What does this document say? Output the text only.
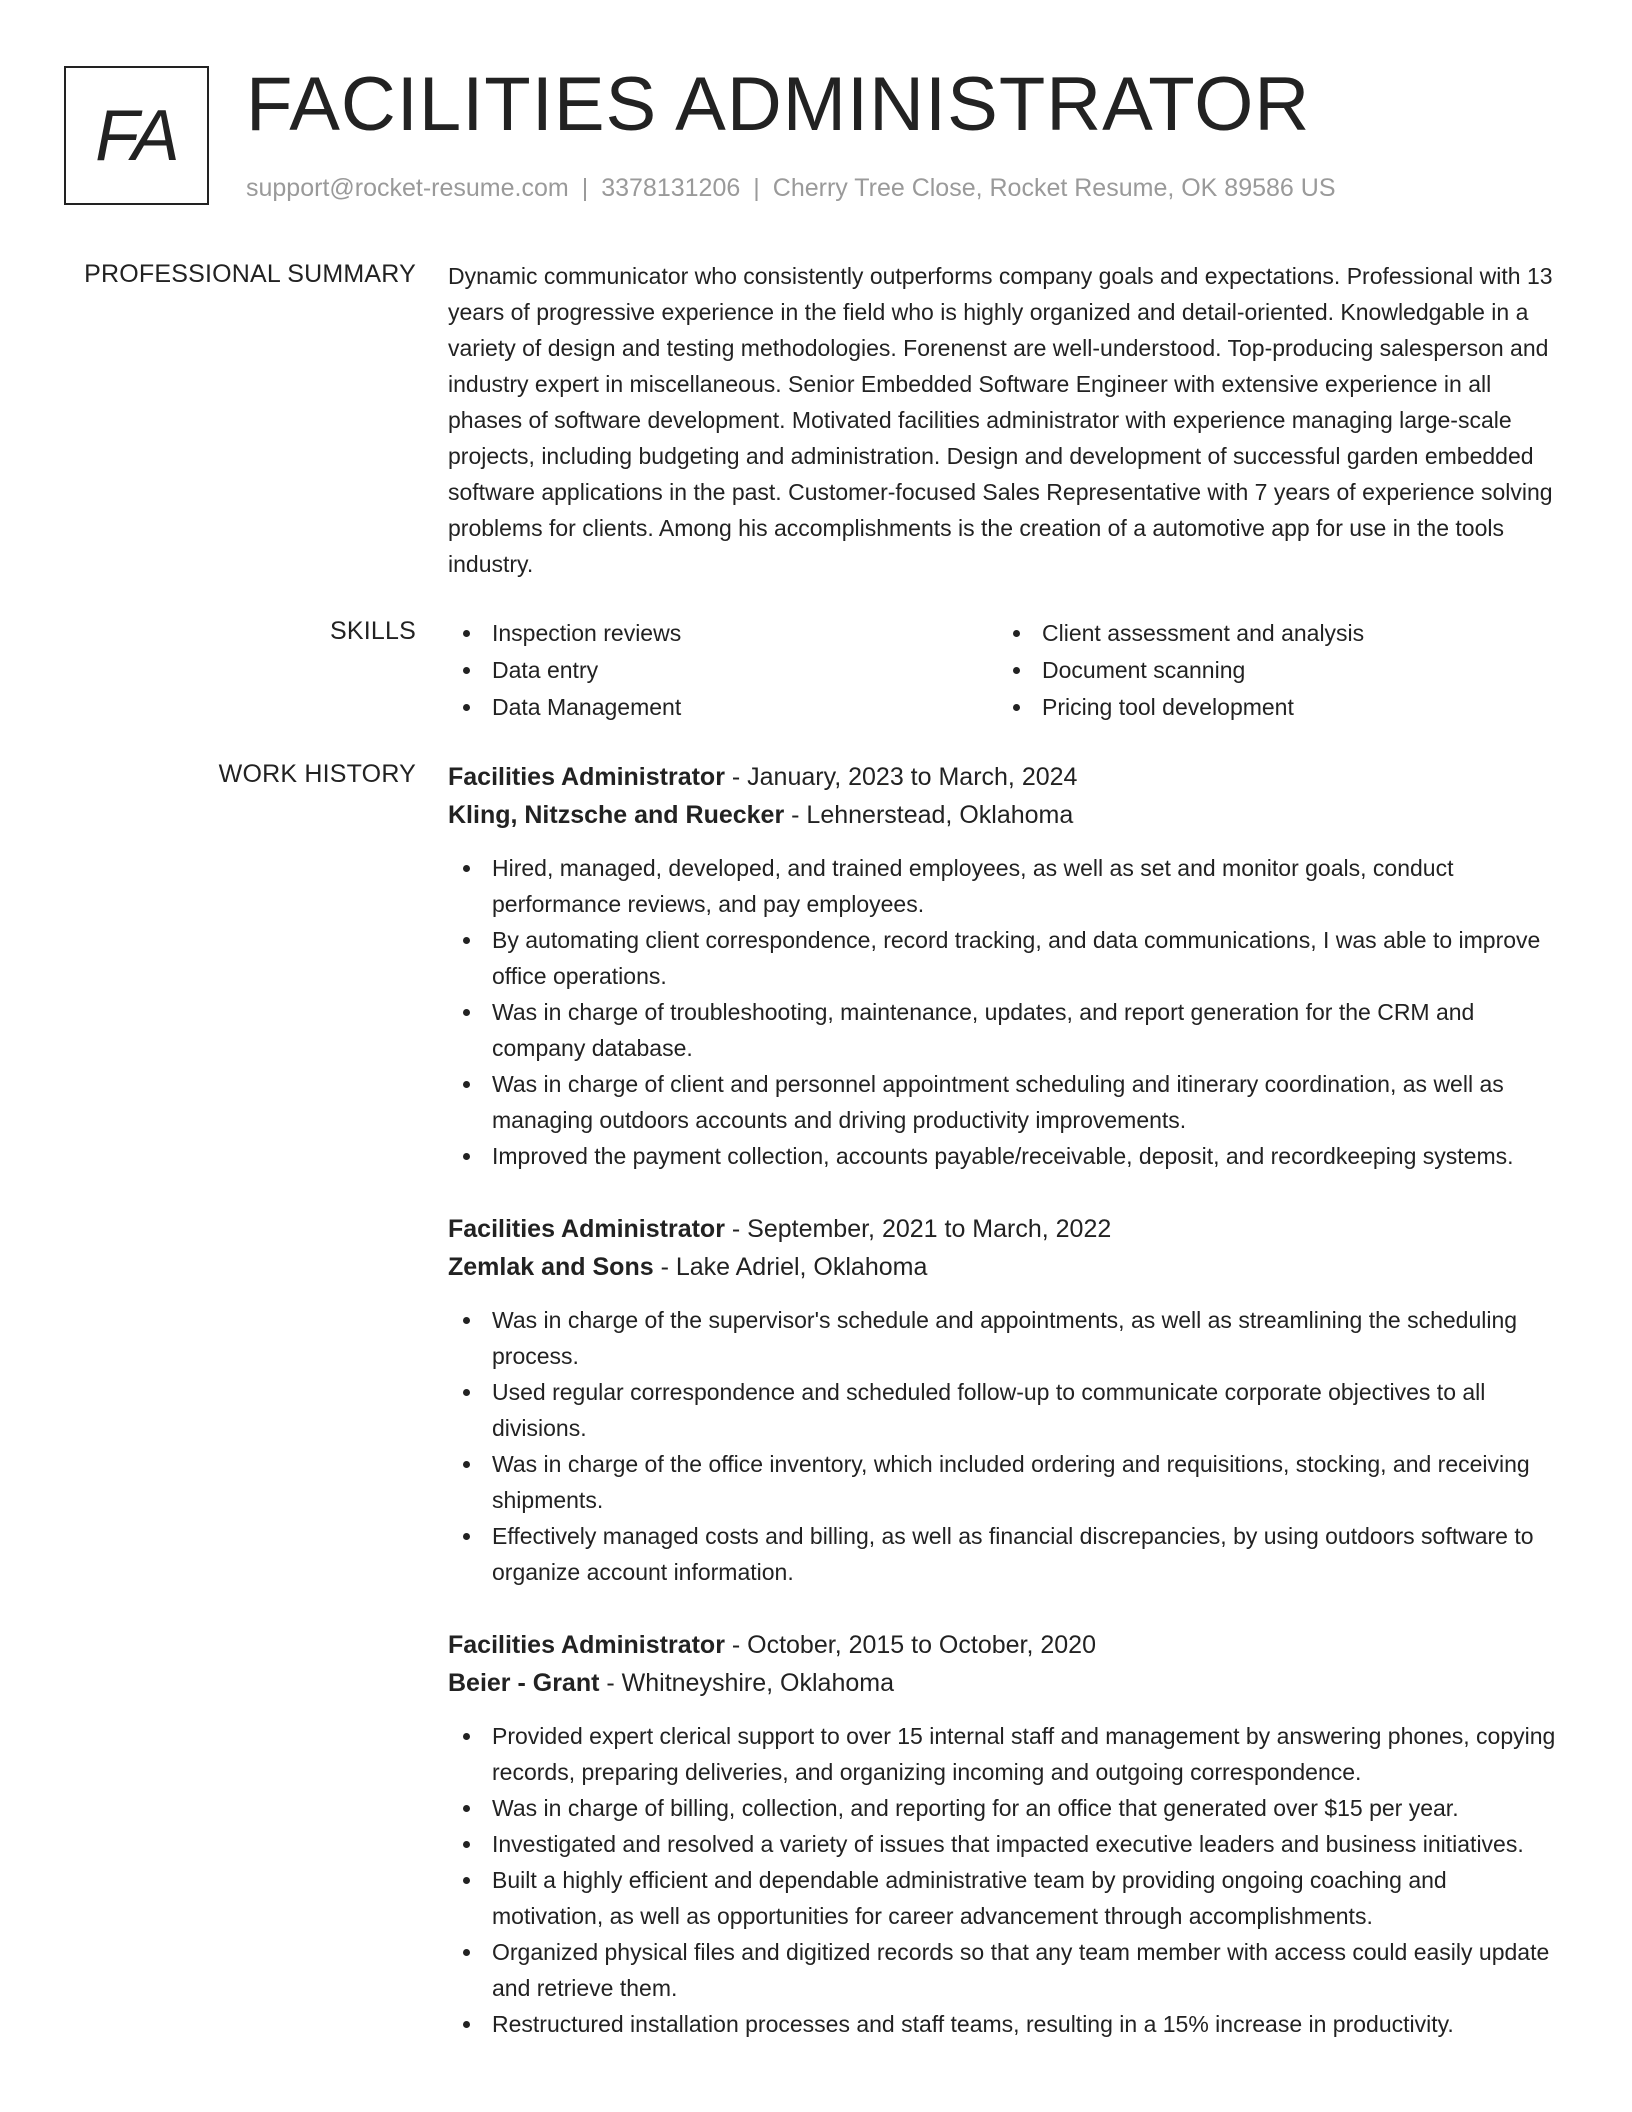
FA FACILITIES ADMINISTRATOR
support@rocket-resume.com | 3378131206 | Cherry Tree Close, Rocket Resume, OK 89586 US
PROFESSIONAL SUMMARY Dynamic communicator who consistently outperforms company goals and expectations. Professional with 13 years of progressive experience in the field who is highly organized and detail-oriented. Knowledgable in a variety of design and testing methodologies. Forenenst are well-understood. Top-producing salesperson and industry expert in miscellaneous. Senior Embedded Software Engineer with extensive experience in all phases of software development. Motivated facilities administrator with experience managing large-scale projects, including budgeting and administration. Design and development of successful garden embedded software applications in the past. Customer-focused Sales Representative with 7 years of experience solving problems for clients. Among his accomplishments is the creation of a automotive app for use in the tools industry.

SKILLS	Inspection reviews	Client assessment and analysis
Data entry	Document scanning
Data Management	Pricing tool development
WORK HISTORY Facilities Administrator - January, 2023 to March, 2024
Kling, Nitzsche and Ruecker - Lehnerstead, Oklahoma
Hired, managed, developed, and trained employees, as well as set and monitor goals, conduct performance reviews, and pay employees.
By automating client correspondence, record tracking, and data communications, I was able to improve office operations.
Was in charge of troubleshooting, maintenance, updates, and report generation for the CRM and company database.
Was in charge of client and personnel appointment scheduling and itinerary coordination, as well as managing outdoors accounts and driving productivity improvements.
Improved the payment collection, accounts payable/receivable, deposit, and recordkeeping systems.
Facilities Administrator - September, 2021 to March, 2022
Zemlak and Sons - Lake Adriel, Oklahoma
Was in charge of the supervisor's schedule and appointments, as well as streamlining the scheduling process.
Used regular correspondence and scheduled follow-up to communicate corporate objectives to all divisions.
Was in charge of the office inventory, which included ordering and requisitions, stocking, and receiving shipments.
Effectively managed costs and billing, as well as financial discrepancies, by using outdoors software to organize account information.
Facilities Administrator - October, 2015 to October, 2020
Beier - Grant - Whitneyshire, Oklahoma
Provided expert clerical support to over 15 internal staff and management by answering phones, copying records, preparing deliveries, and organizing incoming and outgoing correspondence.
Was in charge of billing, collection, and reporting for an office that generated over $15 per year.
Investigated and resolved a variety of issues that impacted executive leaders and business initiatives.
Built a highly efficient and dependable administrative team by providing ongoing coaching and motivation, as well as opportunities for career advancement through accomplishments.
Organized physical files and digitized records so that any team member with access could easily update and retrieve them.
Restructured installation processes and staff teams, resulting in a 15% increase in productivity.
